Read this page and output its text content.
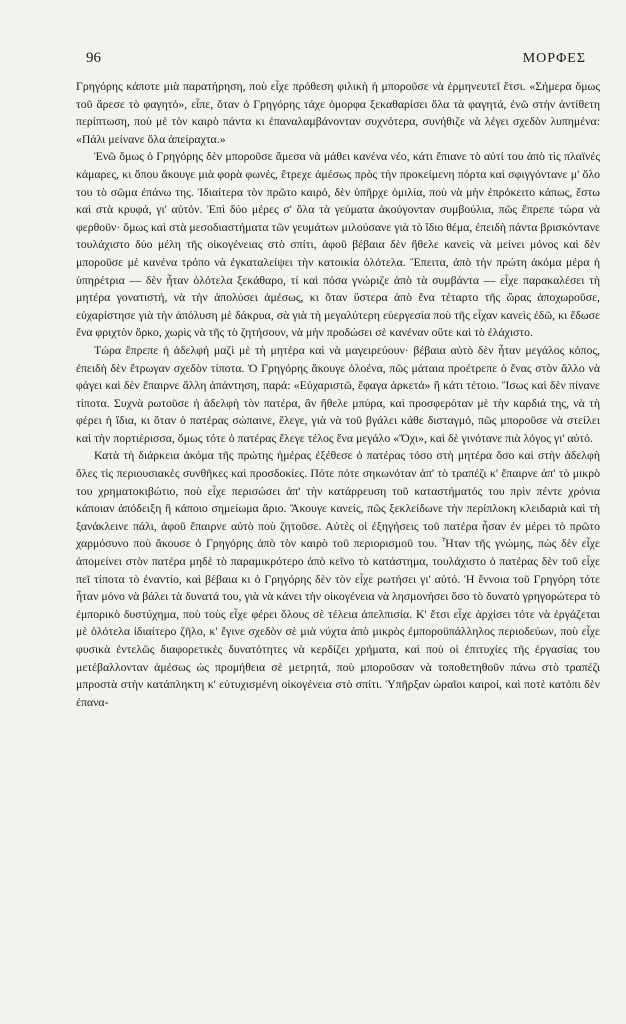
96	ΜΟΡΦΕΣ

Γρηγόρης κάποτε μιὰ παρατήρηση, ποὺ εἶχε πρόθεση φιλικὴ ἡ μποροῦσε νὰ ἑρμηνευτεῖ ἔτσι. «Σήμερα ὅμως τοῦ ἄρεσε τὸ φαγητό», εἶπε, ὅταν ὁ Γρηγόρης τάχε ὁμορφα ξεκαθαρίσει ὅλα τὰ φαγητά, ἐνῶ στὴν ἀντίθετη περίπτωση, ποὺ μὲ τὸν καιρὸ πάντα κι ἐπαναλαμβάνονταν συχνότερα, συνήθιζε νὰ λέγει σχεδὸν λυπημένα: «Πάλι μείνανε ὅλα ἀπείραχτα.»

Ἐνῶ ὅμως ὁ Γρηγόρης δὲν μποροῦσε ἄμεσα νὰ μάθει κανένα νέο, κάτι ἔπιανε τὸ αὐτί του ἀπὸ τὶς πλαϊνές κάμαρες, κι ὅπου ἄκουγε μιὰ φορὰ φωνές, ἔτρεχε ἀμέσως πρὸς τὴν προκείμενη πόρτα καὶ σφιγγόντανε μ' ὅλο του τὸ σῶμα ἐπάνω της. Ἰδιαίτερα τὸν πρῶτο καιρό, δὲν ὑπῆρχε ὁμιλία, ποὺ νὰ μὴν ἐπρόκειτο κάπως, ἔστω καὶ στὰ κρυφά, γι' αὐτόν. Ἐπὶ δύο μέρες σ' ὅλα τὰ γεύματα ἀκούγονταν συμβούλια, πῶς ἔπρεπε τώρα νὰ φερθοῦν· ὅμως καὶ στὰ μεσοδιαστήματα τῶν γευμάτων μιλούσανε γιὰ τὸ ἴδιο θέμα, ἐπειδὴ πάντα βρισκόντανε τουλάχιστο δύο μέλη τῆς οἰκογένειας στὸ σπίτι, ἀφοῦ βέβαια δὲν ἤθελε κανεὶς νὰ μείνει μόνος καὶ δὲν μποροῦσε μὲ κανένα τρόπο νὰ ἐγκαταλείψει τὴν κατοικία ὁλότελα. Ἔπειτα, ἀπὸ τὴν πρώτη ἀκόμα μέρα ἡ ὑπηρέτρια — δὲν ἦταν ὁλότελα ξεκάθαρο, τί καὶ πόσα γνώριζε ἀπὸ τὰ συμβάντα — εἶχε παρακαλέσει τὴ μητέρα γονατιστή, νὰ τὴν ἀπολύσει ἀμέσως, κι ὅταν ὕστερα ἀπὸ ἕνα τέταρτο τῆς ὥρας ἀποχωροῦσε, εὐχαρίστησε γιὰ τὴν ἀπόλυση μὲ δάκρυα, σὰ γιὰ τὴ μεγαλύτερη εὐεργεσία ποὺ τῆς εἶχαν κανεὶς ἐδῶ, κι ἔδωσε ἕνα φριχτὸν ὅρκο, χωρὶς νὰ τῆς τὸ ζητήσουν, νὰ μὴν προδώσει σὲ κανέναν οὔτε καὶ τὸ ἐλάχιστο.

Τώρα ἔπρεπε ἡ ἀδελφή μαζὶ μὲ τὴ μητέρα καὶ νὰ μαγειρεύουν· βέβαια αὐτὸ δὲν ἦταν μεγάλος κόπος, ἐπειδὴ δὲν ἔτρωγαν σχεδὸν τίποτα. Ὁ Γρηγόρης ἄκουγε ὁλοένα, πῶς μάταια προέτρεπε ὁ ἕνας στὸν ἄλλο νὰ φάγει καὶ δὲν ἔπαιρνε ἄλλη ἀπάντηση, παρά: «Εὐχαριστῶ, ἔφαγα ἀρκετά» ἢ κάτι τέτοιο. Ἴσως καὶ δὲν πίνανε τίποτα. Συχνὰ ρωτοῦσε ἡ ἀδελφὴ τὸν πατέρα, ἂν ἤθελε μπύρα, καὶ προσφερόταν μὲ τὴν καρδιά της, νὰ τὴ φέρει ἡ ἴδια, κι ὅταν ὁ πατέρας σώπαινε, ἔλεγε, γιὰ νὰ τοῦ βγάλει κάθε δισταγμό, πῶς μποροῦσε νὰ στείλει καὶ τὴν πορτιέρισσα, ὅμως τότε ὁ πατέρας ἔλεγε τέλος ἕνα μεγάλο «Ὄχι», καὶ δὲ γινότανε πιὰ λόγος γι' αὐτό.

Κατὰ τὴ διάρκεια ἀκόμα τῆς πρώτης ἡμέρας ἐξέθεσε ὁ πατέρας τόσο στὴ μητέρα ὅσο καὶ στὴν ἀδελφὴ ὅλες τὶς περιουσιακὲς συνθῆκες καὶ προσδοκίες. Πότε πότε σηκωνόταν ἀπ' τὸ τραπέζι κ' ἔπαιρνε ἀπ' τὸ μικρὸ του χρηματοκιβώτιο, ποὺ εἶχε περισώσει ἀπ' τὴν κατάρρευση τοῦ καταστήματός του πρὶν πέντε χρόνια κάποιαν ἀπόδειξη ἢ κάποιο σημείωμα ἄριο. Ἄκουγε κανείς, πῶς ξεκλείδωνε τὴν περίπλοκη κλειδαριὰ καὶ τὴ ξανάκλεινε πάλι, ἀφοῦ ἔπαιρνε αὐτὸ ποὺ ζητοῦσε. Αὐτὲς οἱ ἐξηγήσεις τοῦ πατέρα ἦσαν ἐν μέρει τὸ πρῶτο χαρμόσυνο ποὺ ἄκουσε ὁ Γρηγόρης ἀπὸ τὸν καιρὸ τοῦ περιορισμοῦ του. Ἦταν τῆς γνώμης, πὼς δὲν εἶχε ἀπομείνει στὸν πατέρα μηδὲ τὸ παραμικρότερο ἀπὸ κεῖνο τὸ κατάστημα, τουλάχιστο ὁ πατέρας δὲν τοῦ εἶχε πεῖ τίποτα τὸ ἐναντίο, καὶ βέβαια κι ὁ Γρηγόρης δὲν τὸν εἶχε ρωτήσει γι' αὐτό. Ἡ ἔννοια τοῦ Γρηγόρη τότε ἦταν μόνο νὰ βάλει τὰ δυνατά του, γιὰ νὰ κάνει τὴν οἰκογένεια νὰ λησμονήσει ὅσο τὸ δυνατὸ γρηγορώτερα τὸ ἐμπορικὸ δυστύχημα, ποὺ τοὺς εἶχε φέρει ὅλους σὲ τέλεια ἀπελπισία. Κ' ἔτσι εἶχε ἀρχίσει τότε νὰ ἐργάζεται μὲ ὁλότελα ἰδιαίτερο ζῆλο, κ' ἔγινε σχεδὸν σὲ μιὰ νύχτα ἀπὸ μικρὸς ἐμποροϋπάλληλος περιοδεύων, ποὺ εἶχε φυσικὰ ἐντελῶς διαφορετικὲς δυνατότητες νὰ κερδίζει χρήματα, καὶ ποὺ οἱ ἐπιτυχίες τῆς ἐργασίας του μετέβαλλονταν ἀμέσως ὡς προμήθεια σὲ μετρητά, ποὺ μποροῦσαν νὰ τοποθετηθοῦν πάνω στὸ τραπέζι μπροστὰ στὴν κατάπληκτη κ' εὐτυχισμένη οἰκογένεια στὸ σπίτι. Ὑπῆρξαν ὡραῖοι καιροί, καὶ ποτὲ κατόπι δὲν ἐπανα-
